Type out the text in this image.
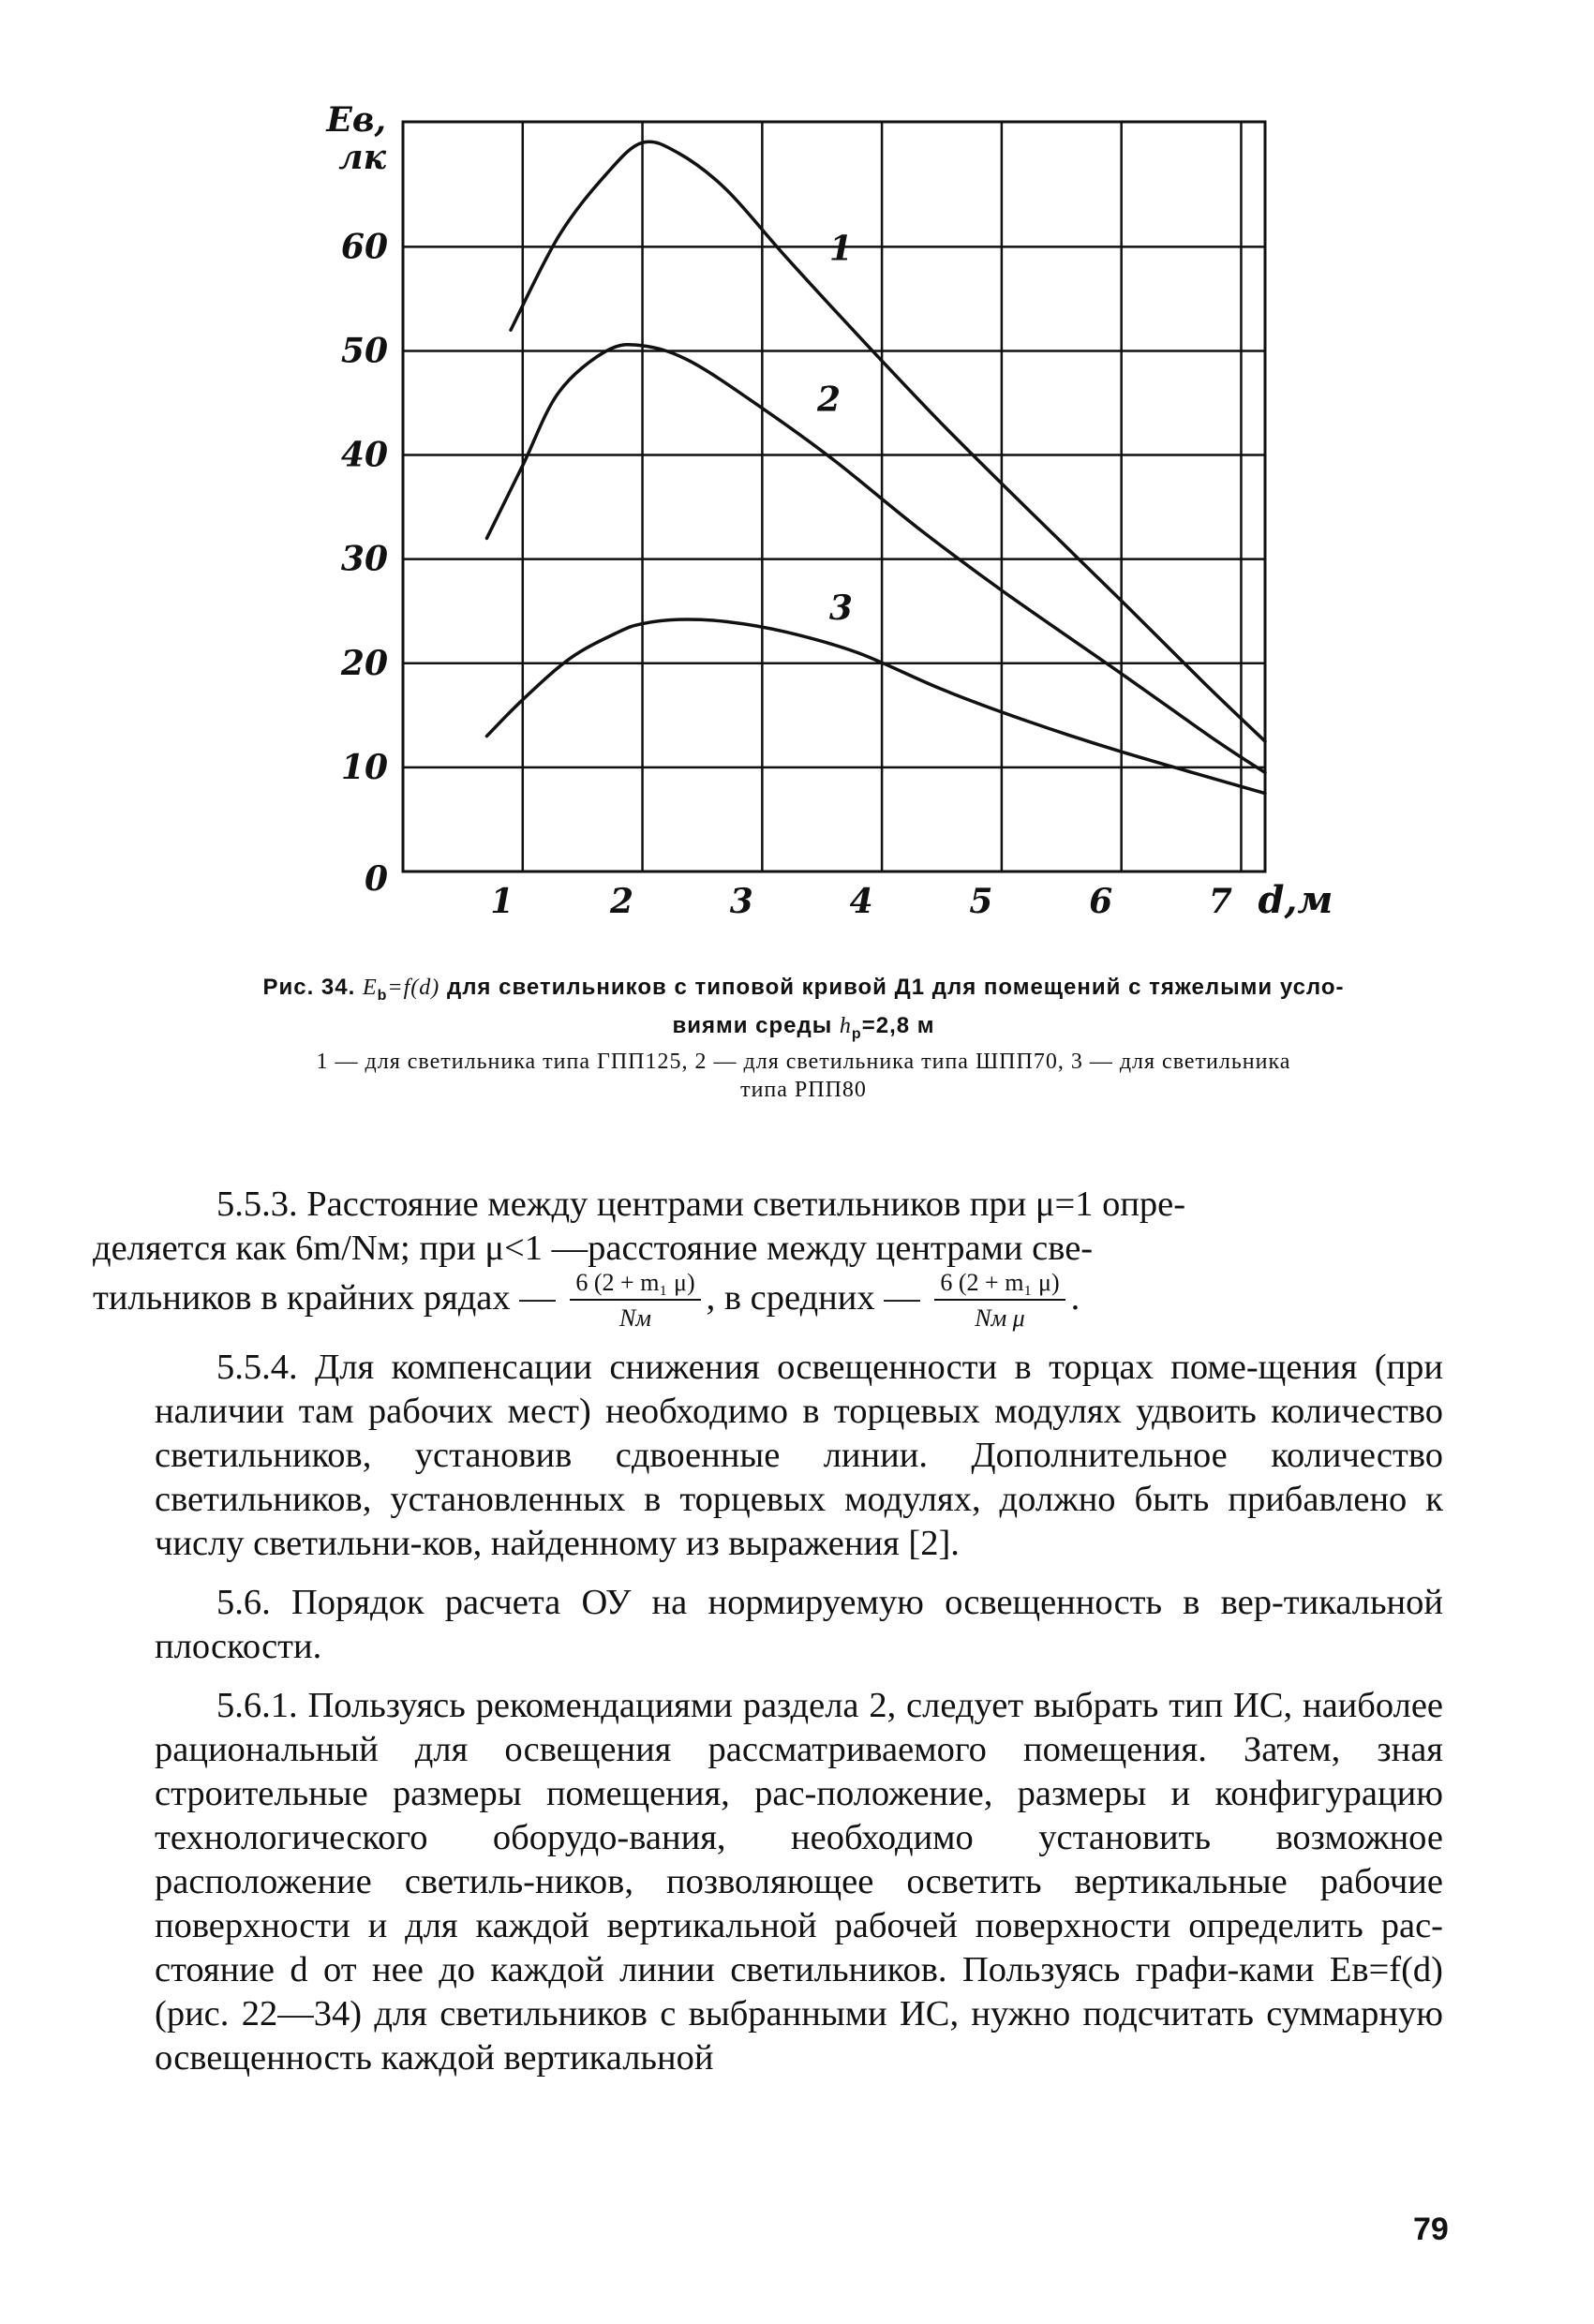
1
2
3
1	2	3	4	5	6	7
0
10
20
30
40
50
60
d,м
Eв,
лк
Рис. 34. $E_b=f(d)$ для светильников с типовой кривой Д1 для помещений с тяжелыми усло-
виями среды $h_p=2,8$ м
1 — для светильника типа ГПП125, 2 — для светильника типа ШПП70, 3 — для светильника
типа РПП80

5.5.3. Расстояние между центрами светильников при μ=1 опре-
деляется как 6m/Nм; при μ<1 —расстояние между центрами све-
тильников в крайних рядах — $\frac{\text{6 (2 + m₁ μ)}}{Nм}$ , в средних — $\frac{\text{6 (2 + m₁ μ)}}{\text{Nм μ}}$ .

5.5.4. Для компенсации снижения освещенности в торцах поме-щения (при наличии там рабочих мест) необходимо в торцевых модулях удвоить количество светильников, установив сдвоенные линии. Дополнительное количество светильников, установленных в торцевых модулях, должно быть прибавлено к числу светильни-ков, найденному из выражения [2].

5.6. Порядок расчета ОУ на нормируемую освещенность в вер-тикальной плоскости.

5.6.1. Пользуясь рекомендациями раздела 2, следует выбрать тип ИС, наиболее рациональный для освещения рассматриваемого помещения. Затем, зная строительные размеры помещения, рас-положение, размеры и конфигурацию технологического оборудо-вания, необходимо установить возможное расположение светиль-ников, позволяющее осветить вертикальные рабочие поверхности и для каждой вертикальной рабочей поверхности определить рас-стояние d от нее до каждой линии светильников. Пользуясь графи-ками Eв=f(d) (рис. 22—34) для светильников с выбранными ИС, нужно подсчитать суммарную освещенность каждой вертикальной

79
